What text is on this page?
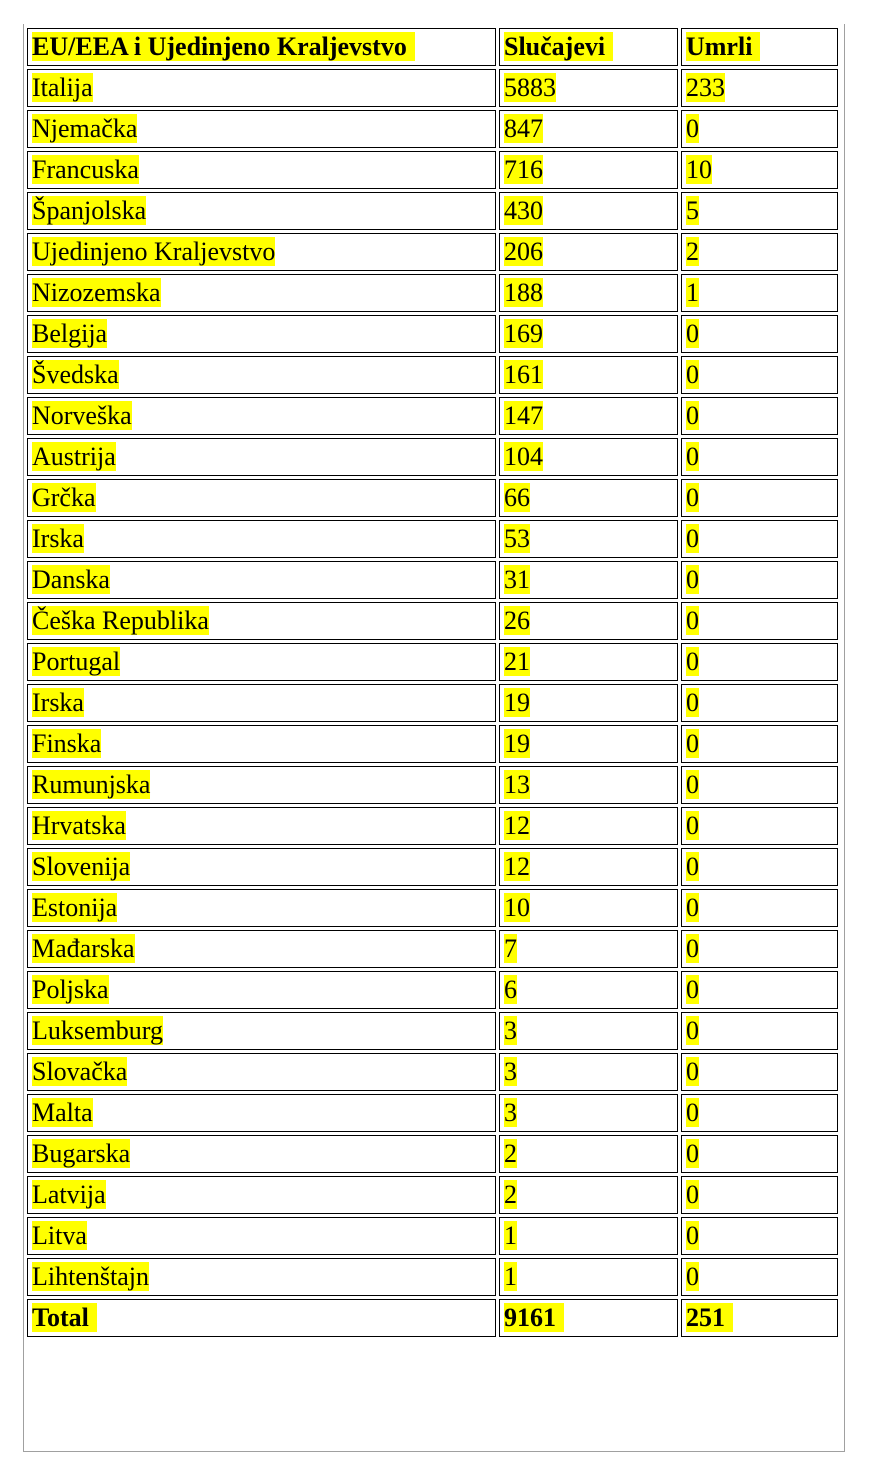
EU/EEA i Ujedinjeno Kraljevstvo	Slučajevi	Umrli
Italija	5883	233
Njemačka	847	0
Francuska	716	10
Španjolska	430	5
Ujedinjeno Kraljevstvo	206	2
Nizozemska	188	1
Belgija	169	0
Švedska	161	0
Norveška	147	0
Austrija	104	0
Grčka	66	0
Irska	53	0
Danska	31	0
Češka Republika	26	0
Portugal	21	0
Irska	19	0
Finska	19	0
Rumunjska	13	0
Hrvatska	12	0
Slovenija	12	0
Estonija	10	0
Mađarska	7	0
Poljska	6	0
Luksemburg	3	0
Slovačka	3	0
Malta	3	0
Bugarska	2	0
Latvija	2	0
Litva	1	0
Lihtenštajn	1	0
Total	9161	251
